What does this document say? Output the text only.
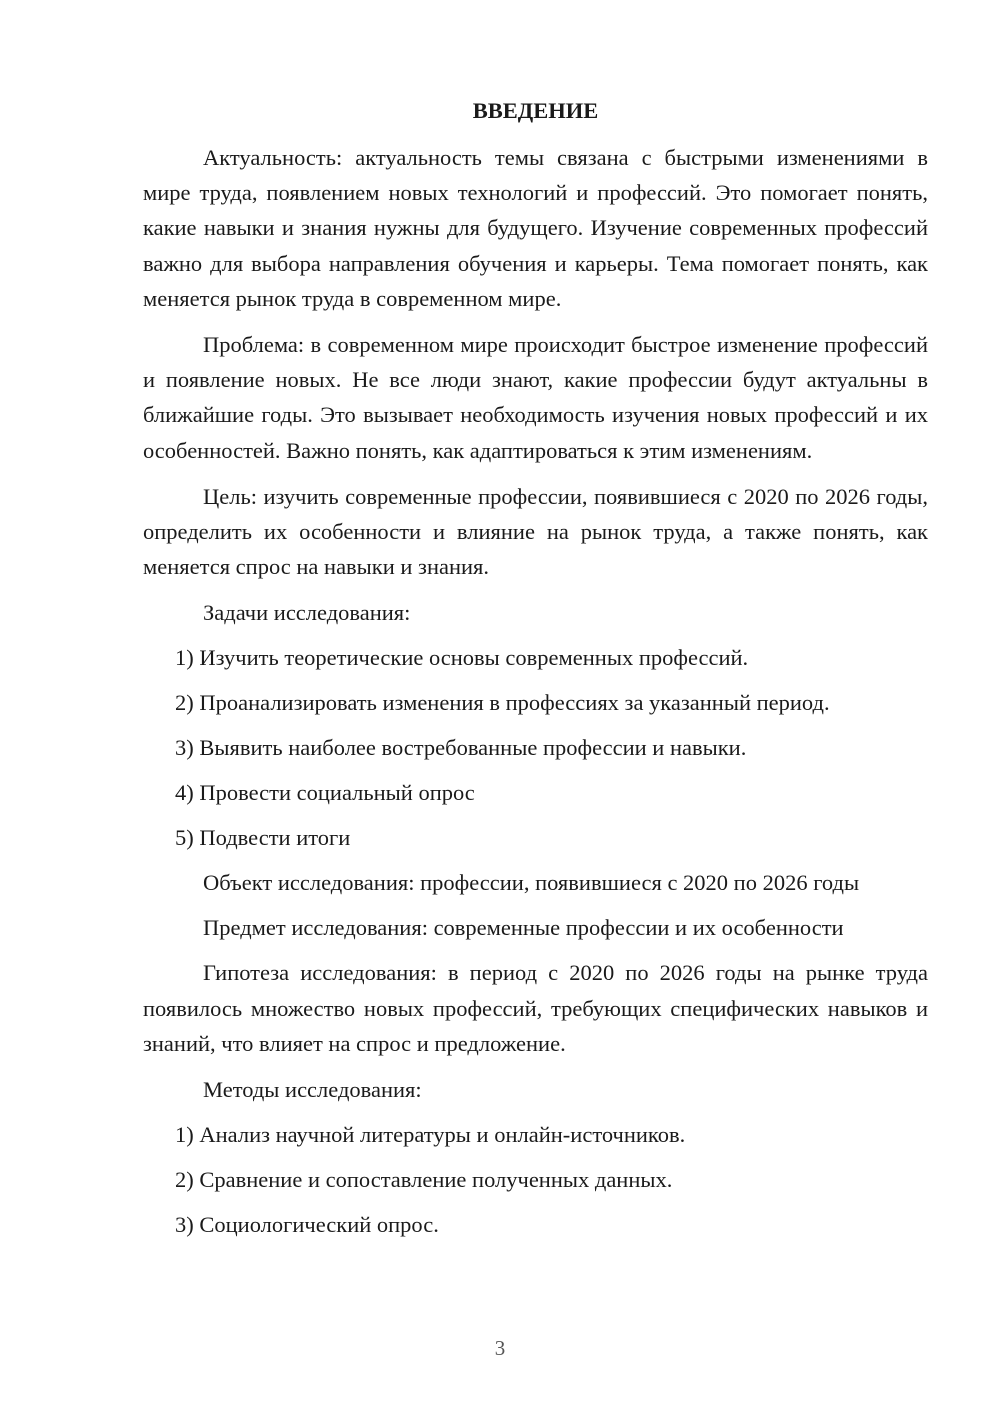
ВВЕДЕНИЕ

Актуальность: актуальность темы связана с быстрыми изменениями в мире труда, появлением новых технологий и профессий. Это помогает понять, какие навыки и знания нужны для будущего. Изучение современных профессий важно для выбора направления обучения и карьеры. Тема помогает понять, как меняется рынок труда в современном мире.

Проблема: в современном мире происходит быстрое изменение профессий и появление новых. Не все люди знают, какие профессии будут актуальны в ближайшие годы. Это вызывает необходимость изучения новых профессий и их особенностей. Важно понять, как адаптироваться к этим изменениям.

Цель: изучить современные профессии, появившиеся с 2020 по 2026 годы, определить их особенности и влияние на рынок труда, а также понять, как меняется спрос на навыки и знания.

Задачи исследования:

1) Изучить теоретические основы современных профессий.

2) Проанализировать изменения в профессиях за указанный период.

3) Выявить наиболее востребованные профессии и навыки.

4) Провести социальный опрос

5) Подвести итоги

Объект исследования: профессии, появившиеся с 2020 по 2026 годы

Предмет исследования: современные профессии и их особенности

Гипотеза исследования: в период с 2020 по 2026 годы на рынке труда появилось множество новых профессий, требующих специфических навыков и знаний, что влияет на спрос и предложение.

Методы исследования:

1) Анализ научной литературы и онлайн-источников.

2) Сравнение и сопоставление полученных данных.

3) Социологический опрос.

3
